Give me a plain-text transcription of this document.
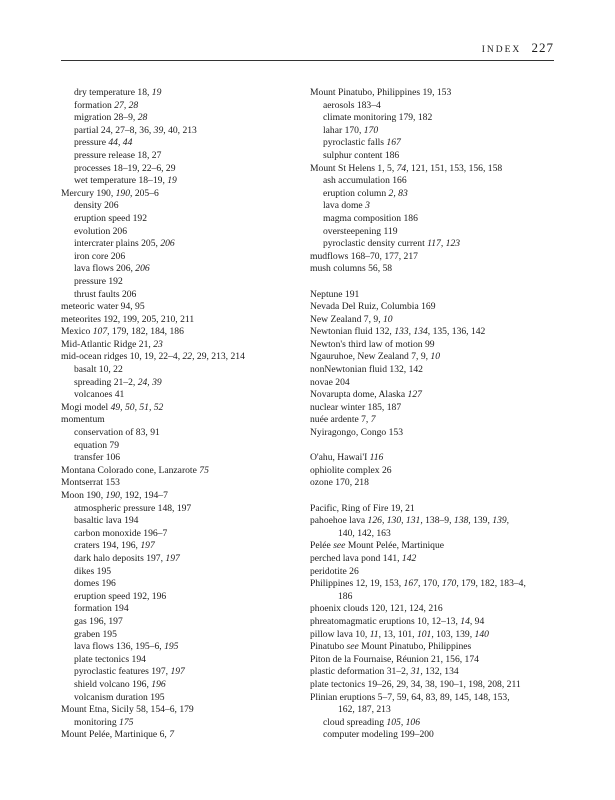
INDEX 227
dry temperature 18, 19
formation 27, 28
migration 28–9, 28
partial 24, 27–8, 36, 39, 40, 213
pressure 44, 44
pressure release 18, 27
processes 18–19, 22–6, 29
wet temperature 18–19, 19
Mercury 190, 190, 205–6
density 206
eruption speed 192
evolution 206
intercrater plains 205, 206
iron core 206
lava flows 206, 206
pressure 192
thrust faults 206
meteoric water 94, 95
meteorites 192, 199, 205, 210, 211
Mexico 107, 179, 182, 184, 186
Mid-Atlantic Ridge 21, 23
mid-ocean ridges 10, 19, 22–4, 22, 29, 213, 214
basalt 10, 22
spreading 21–2, 24, 39
volcanoes 41
Mogi model 49, 50, 51, 52
momentum
conservation of 83, 91
equation 79
transfer 106
Montana Colorado cone, Lanzarote 75
Montserrat 153
Moon 190, 190, 192, 194–7
atmospheric pressure 148, 197
basaltic lava 194
carbon monoxide 196–7
craters 194, 196, 197
dark halo deposits 197, 197
dikes 195
domes 196
eruption speed 192, 196
formation 194
gas 196, 197
graben 195
lava flows 136, 195–6, 195
plate tectonics 194
pyroclastic features 197, 197
shield volcano 196, 196
volcanism duration 195
Mount Etna, Sicily 58, 154–6, 179
monitoring 175
Mount Pelée, Martinique 6, 7
Mount Pinatubo, Philippines 19, 153
aerosols 183–4
climate monitoring 179, 182
lahar 170, 170
pyroclastic falls 167
sulphur content 186
Mount St Helens 1, 5, 74, 121, 151, 153, 156, 158
ash accumulation 166
eruption column 2, 83
lava dome 3
magma composition 186
oversteepening 119
pyroclastic density current 117, 123
mudflows 168–70, 177, 217
mush columns 56, 58
Neptune 191
Nevada Del Ruiz, Columbia 169
New Zealand 7, 9, 10
Newtonian fluid 132, 133, 134, 135, 136, 142
Newton's third law of motion 99
Ngauruhoe, New Zealand 7, 9, 10
nonNewtonian fluid 132, 142
novae 204
Novarupta dome, Alaska 127
nuclear winter 185, 187
nuée ardente 7, 7
Nyiragongo, Congo 153
O'ahu, Hawai'I 116
ophiolite complex 26
ozone 170, 218
Pacific, Ring of Fire 19, 21
pahoehoe lava 126, 130, 131, 138–9, 138, 139, 139,
140, 142, 163
Pelée see Mount Pelée, Martinique
perched lava pond 141, 142
peridotite 26
Philippines 12, 19, 153, 167, 170, 170, 179, 182, 183–4,
186
phoenix clouds 120, 121, 124, 216
phreatomagmatic eruptions 10, 12–13, 14, 94
pillow lava 10, 11, 13, 101, 101, 103, 139, 140
Pinatubo see Mount Pinatubo, Philippines
Piton de la Fournaise, Réunion 21, 156, 174
plastic deformation 31–2, 31, 132, 134
plate tectonics 19–26, 29, 34, 38, 190–1, 198, 208, 211
Plinian eruptions 5–7, 59, 64, 83, 89, 145, 148, 153,
162, 187, 213
cloud spreading 105, 106
computer modeling 199–200
